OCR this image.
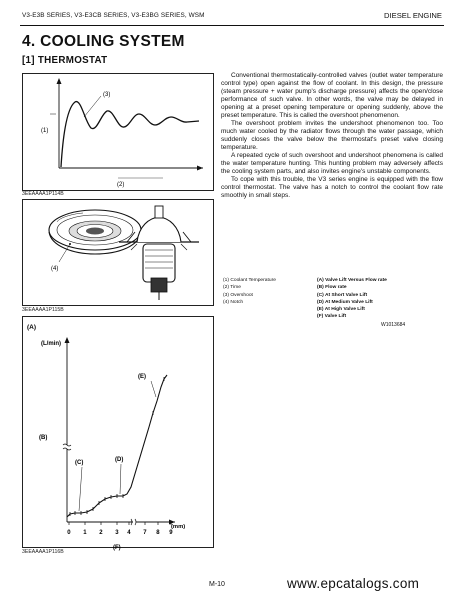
V3-E3B SERIES, V3-E3CB SERIES, V3-E3BG SERIES, WSM	DIESEL ENGINE
4. COOLING SYSTEM
[1] THERMOSTAT
(3)
(1)
(2)
3EEAAAA1P114B
(4)
3EEAAAA1P115B
(A)
(L/min)
(B)
(mm)
0 1 2 3 4 7 8 9
(F)
(C)	(D)
(E)
3EEAAAA1P116B

Conventional thermostatically-controlled valves (outlet water temperature control type) open against the flow of coolant. In this design, the pressure (steam pressure + water pump's discharge pressure) affects the open/close performance of such valve. In other words, the valve may be delayed in opening at a preset opening temperature or opening suddenly, above the preset temperature. This is called the overshoot phenomenon.

The overshoot problem invites the undershoot phenomenon too. Too much water cooled by the radiator flows through the water passage, which suddenly closes the valve below the thermostat's preset valve closing temperature.

A repeated cycle of such overshoot and undershoot phenomena is called the water temperature hunting. This hunting problem may adversely affects the cooling system parts, and also invites engine's unstable components.

To cope with this trouble, the V3 series engine is equipped with the flow control thermostat. The valve has a notch to control the coolant flow rate smoothly in small steps.

(1) Coolant Temperature
(2) Time
(3) Overshoot
(4) Notch
(A) Valve Lift Versus Flow rate
(B) Flow rate
(C) At Short Valve Lift
(D) At Medium Valve Lift
(E) At High Valve Lift
(F) Valve Lift
W1013684
M-10	www.epcatalogs.com
